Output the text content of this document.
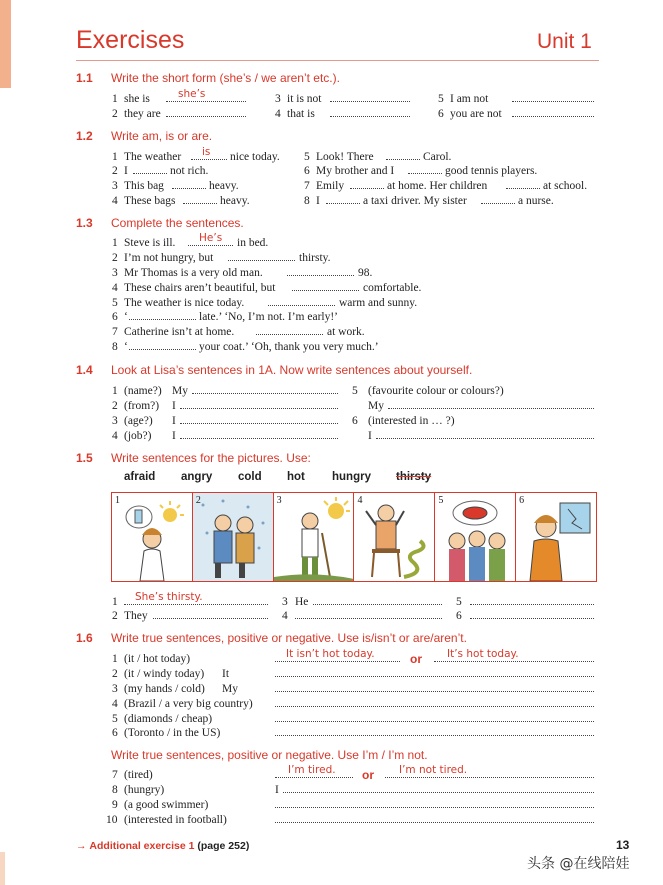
Exercises	Unit 1
1.1 Write the short form (she’s / we aren’t etc.).
1 she is	she’s
2 they are
3 it is not
4 that is
5 I am not
6 you are not
1.2 Write am, is or are.
1 The weather is nice today.
2 I	not rich.
3 This bag	heavy.
4 These bags	heavy.
5 Look! There	Carol.
6 My brother and I	good tennis players.
7 Emily	at home. Her children	at school.
8 I	a taxi driver. My sister	a nurse.
1.3 Complete the sentences.
1 Steve is ill. He’s in bed.
2 I’m not hungry, but	thirsty.
3 Mr Thomas is a very old man.	98.
4 These chairs aren’t beautiful, but	comfortable.
5 The weather is nice today.	warm and sunny.
6 ‘	late.’ ‘No, I’m not. I’m early!’
7 Catherine isn’t at home.	at work.
8 ‘	your coat.’ ‘Oh, thank you very much.’
1.4 Look at Lisa’s sentences in 1A. Now write sentences about yourself.
1 (name?) My
2 (from?) I
3 (age?) I
4 (job?) I
5 (favourite colour or colours?)
My
6 (interested in … ?)
I
1.5 Write sentences for the pictures. Use:
afraid angry cold hot hungry thirsty
1	2	3	4	5	6
1 She’s thirsty.
2 They
3 He
4
5
6
1.6 Write true sentences, positive or negative. Use is/isn’t or are/aren’t.
1 (it / hot today)	It isn’t hot today.	or It’s hot today.
2 (it / windy today) It
3 (my hands / cold) My
4 (Brazil / a very big country)
5 (diamonds / cheap)
6 (Toronto / in the US)
Write true sentences, positive or negative. Use I’m / I’m not.
7 (tired)	I’m tired. or I’m not tired.
8 (hungry)	I
9 (a good swimmer)
10 (interested in football)
→ Additional exercise 1 (page 252)	13
头条 @在线陪娃
